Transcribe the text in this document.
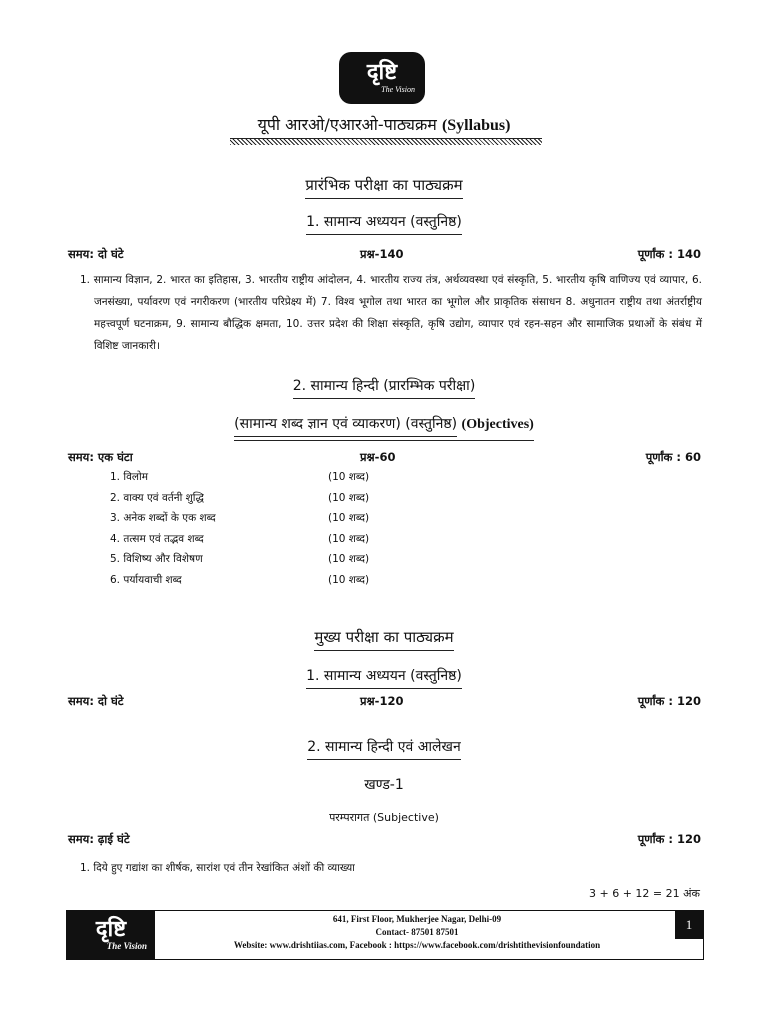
दृष्टि
The Vision
यूपी आरओ/एआरओ-पाठ्यक्रम (Syllabus)
प्रारंभिक परीक्षा का पाठ्यक्रम
1. सामान्य अध्ययन (वस्तुनिष्ठ)
समय: दो घंटे	प्रश्न-140	पूर्णांक : 140
1. सामान्य विज्ञान, 2. भारत का इतिहास, 3. भारतीय राष्ट्रीय आंदोलन, 4. भारतीय राज्य तंत्र, अर्थव्यवस्था एवं संस्कृति, 5. भारतीय कृषि वाणिज्य एवं व्यापार, 6. जनसंख्या, पर्यावरण एवं नगरीकरण (भारतीय परिप्रेक्ष्य में) 7. विश्व भूगोल तथा भारत का भूगोल और प्राकृतिक संसाधन 8. अधुनातन राष्ट्रीय तथा अंतर्राष्ट्रीय महत्त्वपूर्ण घटनाक्रम, 9. सामान्य बौद्धिक क्षमता, 10. उत्तर प्रदेश की शिक्षा संस्कृति, कृषि उद्योग, व्यापार एवं रहन-सहन और सामाजिक प्रथाओं के संबंध में विशिष्ट जानकारी।
2. सामान्य हिन्दी (प्रारम्भिक परीक्षा)
(सामान्य शब्द ज्ञान एवं व्याकरण) (वस्तुनिष्ठ) (Objectives)
समय: एक घंटा	प्रश्न-60	पूर्णांक : 60
1. विलोम	(10 शब्द)
2. वाक्य एवं वर्तनी शुद्धि	(10 शब्द)
3. अनेक शब्दों के एक शब्द	(10 शब्द)
4. तत्सम एवं तद्भव शब्द	(10 शब्द)
5. विशिष्य और विशेषण	(10 शब्द)
6. पर्यायवाची शब्द	(10 शब्द)
मुख्य परीक्षा का पाठ्यक्रम
1. सामान्य अध्ययन (वस्तुनिष्ठ)
समय: दो घंटे	प्रश्न-120	पूर्णांक : 120
2. सामान्य हिन्दी एवं आलेखन
खण्ड-1
परम्परागत (Subjective)
समय: ढ़ाई घंटे	पूर्णांक : 120
1. दिये हुए गद्यांश का शीर्षक, सारांश एवं तीन रेखांकित अंशों की व्याख्या
3 + 6 + 12 = 21 अंक
दृष्टि
The Vision
641, First Floor, Mukherjee Nagar, Delhi-09
Contact- 87501 87501
Website: www.drishtiias.com, Facebook : https://www.facebook.com/drishtithevisionfoundation
1
